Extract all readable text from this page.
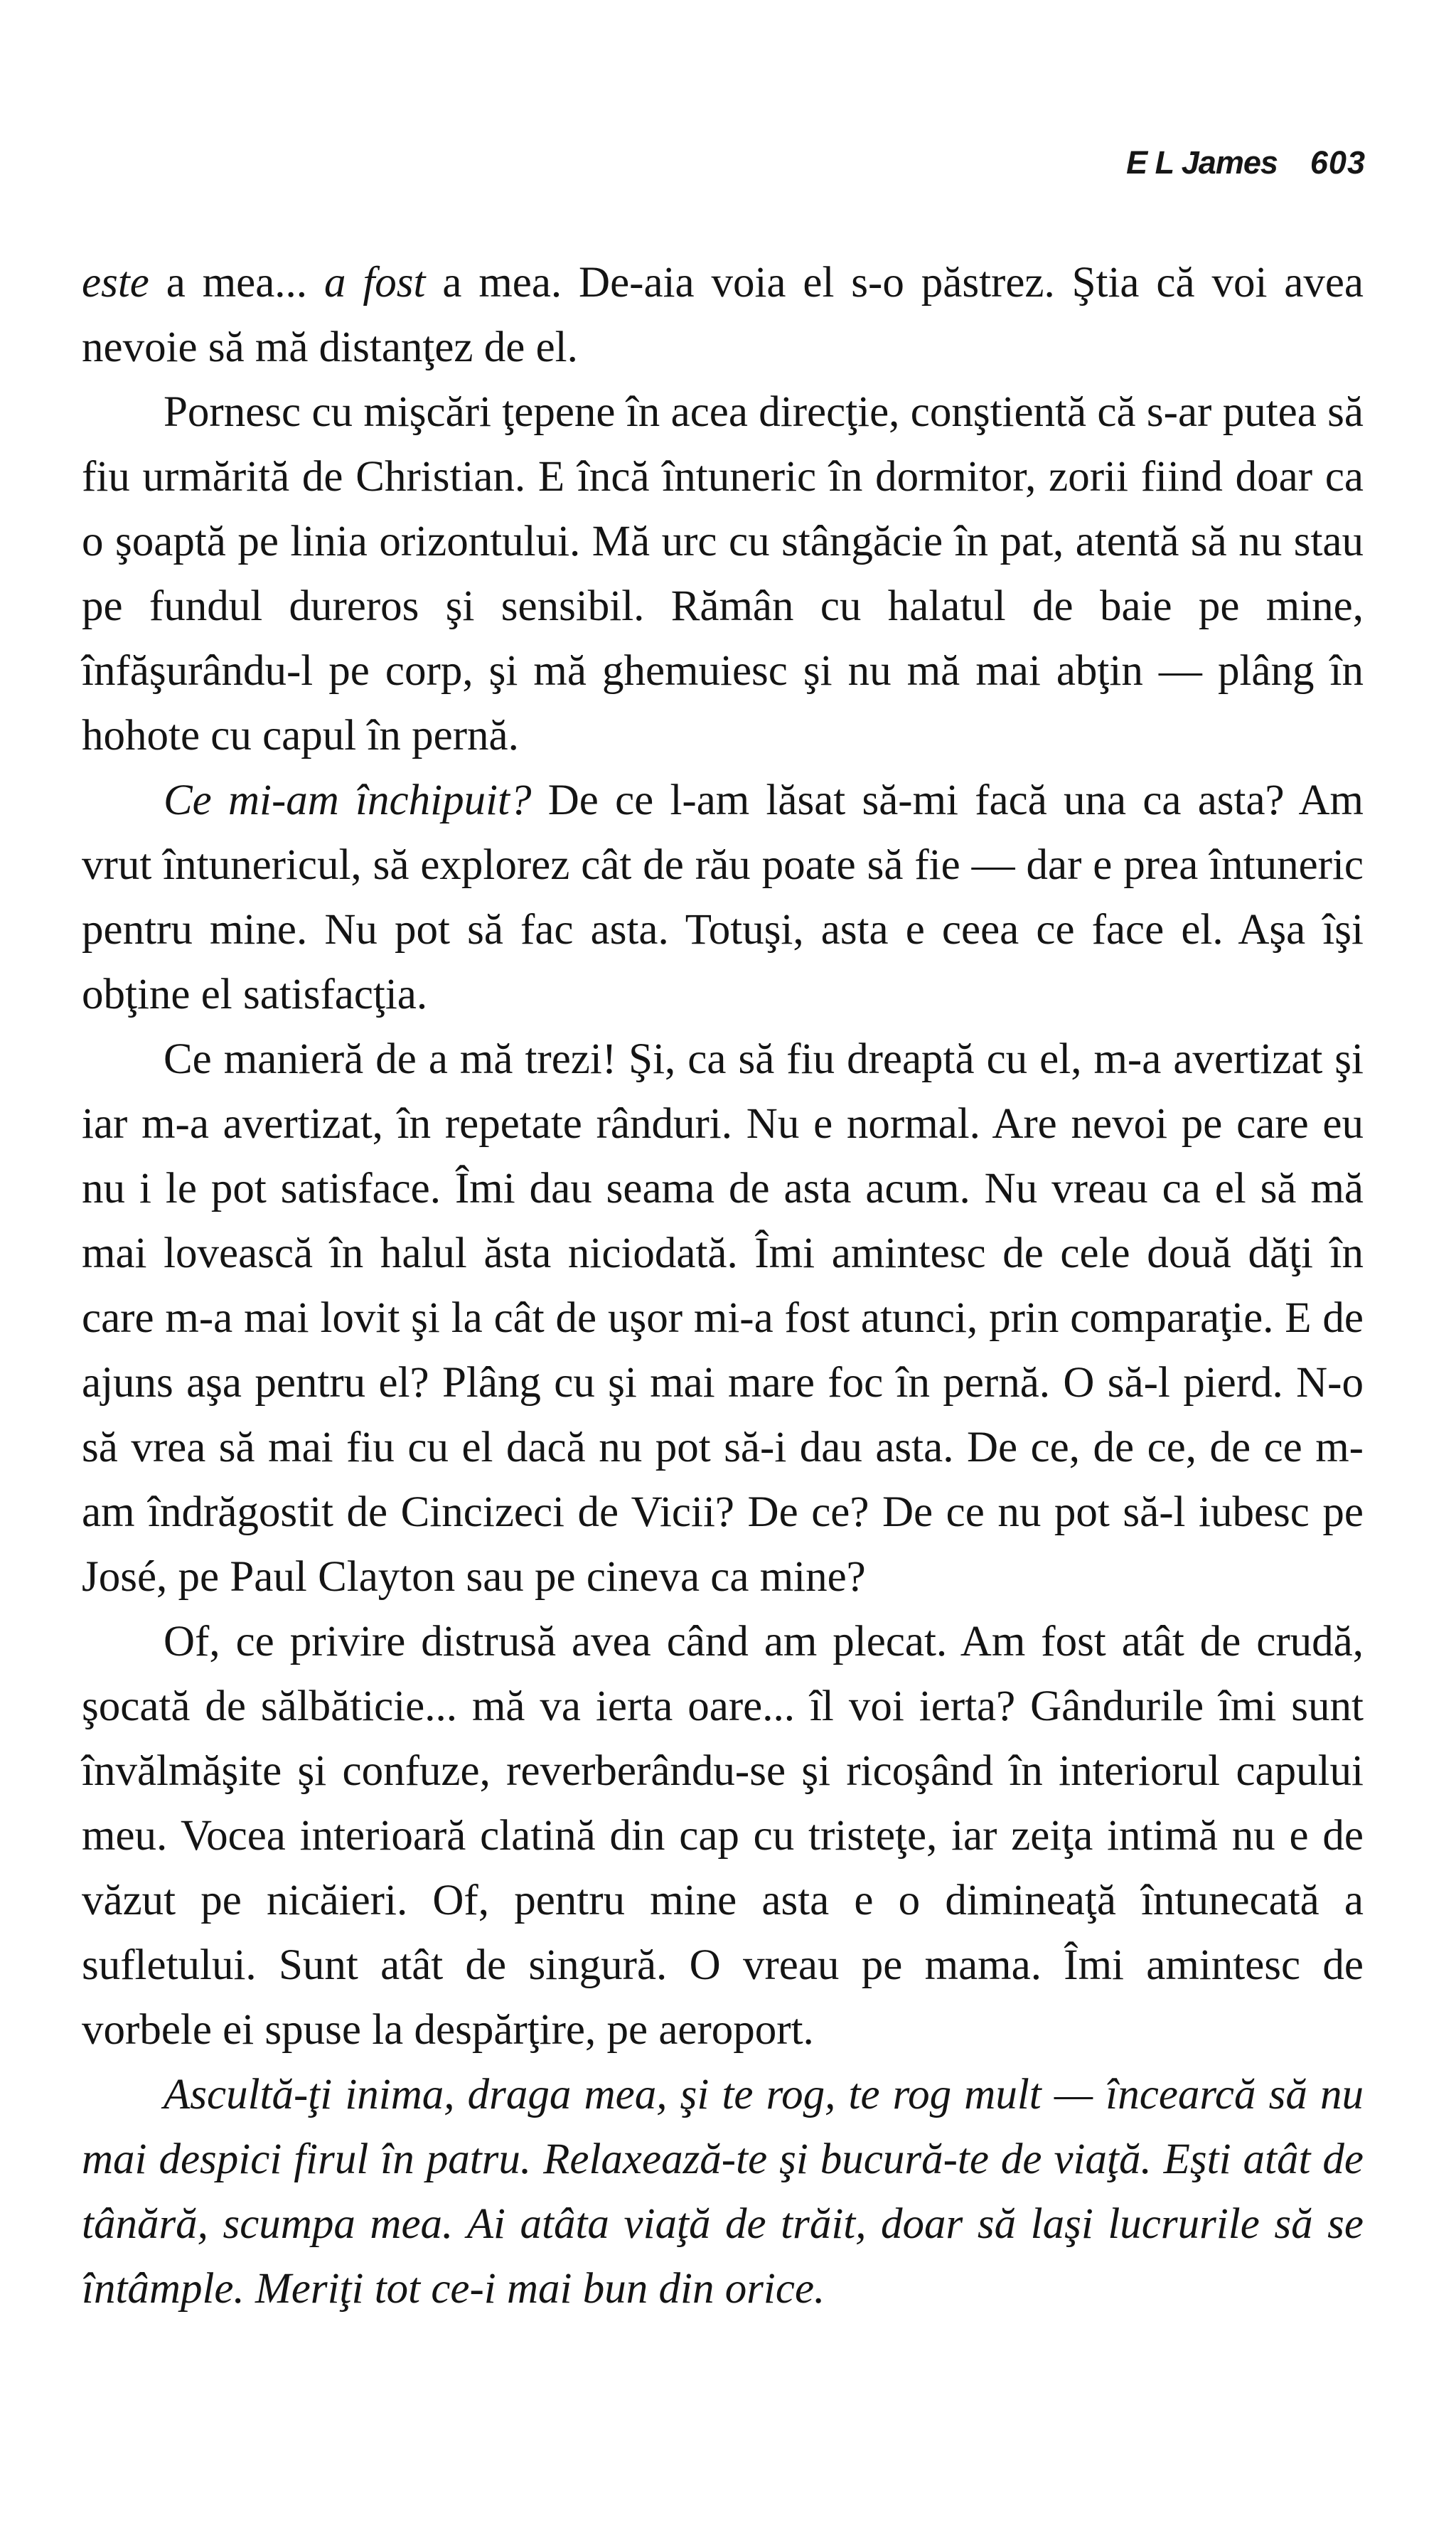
E L James 603

este a mea... a fost a mea. De-aia voia el s-o păstrez. Ştia că voi avea nevoie să mă distanţez de el.

Pornesc cu mişcări ţepene în acea direcţie, conştientă că s-ar putea să fiu urmărită de Christian. E încă întuneric în dormitor, zorii fiind doar ca o şoaptă pe linia orizontului. Mă urc cu stângăcie în pat, atentă să nu stau pe fundul dureros şi sensibil. Rămân cu halatul de baie pe mine, înfăşurându-l pe corp, şi mă ghemuiesc şi nu mă mai abţin — plâng în hohote cu capul în pernă.

Ce mi-am închipuit? De ce l-am lăsat să-mi facă una ca asta? Am vrut întunericul, să explorez cât de rău poate să fie — dar e prea întuneric pentru mine. Nu pot să fac asta. Totuşi, asta e ceea ce face el. Aşa îşi obţine el satisfacţia.

Ce manieră de a mă trezi! Şi, ca să fiu dreaptă cu el, m-a avertizat şi iar m-a avertizat, în repetate rânduri. Nu e normal. Are nevoi pe care eu nu i le pot satisface. Îmi dau seama de asta acum. Nu vreau ca el să mă mai lovească în halul ăsta niciodată. Îmi amintesc de cele două dăţi în care m-a mai lovit şi la cât de uşor mi-a fost atunci, prin comparaţie. E de ajuns aşa pentru el? Plâng cu şi mai mare foc în pernă. O să-l pierd. N-o să vrea să mai fiu cu el dacă nu pot să-i dau asta. De ce, de ce, de ce m-am îndrăgostit de Cincizeci de Vicii? De ce? De ce nu pot să-l iubesc pe José, pe Paul Clayton sau pe cineva ca mine?

Of, ce privire distrusă avea când am plecat. Am fost atât de crudă, şocată de sălbăticie... mă va ierta oare... îl voi ierta? Gândurile îmi sunt învălmăşite şi confuze, reverberându-se şi ricoşând în interiorul capului meu. Vocea interioară clatină din cap cu tristeţe, iar zeiţa intimă nu e de văzut pe nicăieri. Of, pentru mine asta e o dimineaţă întunecată a sufletului. Sunt atât de singură. O vreau pe mama. Îmi amintesc de vorbele ei spuse la despărţire, pe aeroport.

Ascultă-ţi inima, draga mea, şi te rog, te rog mult — încearcă să nu mai despici firul în patru. Relaxează-te şi bucură-te de viaţă. Eşti atât de tânără, scumpa mea. Ai atâta viaţă de trăit, doar să laşi lucrurile să se întâmple. Meriţi tot ce-i mai bun din orice.
